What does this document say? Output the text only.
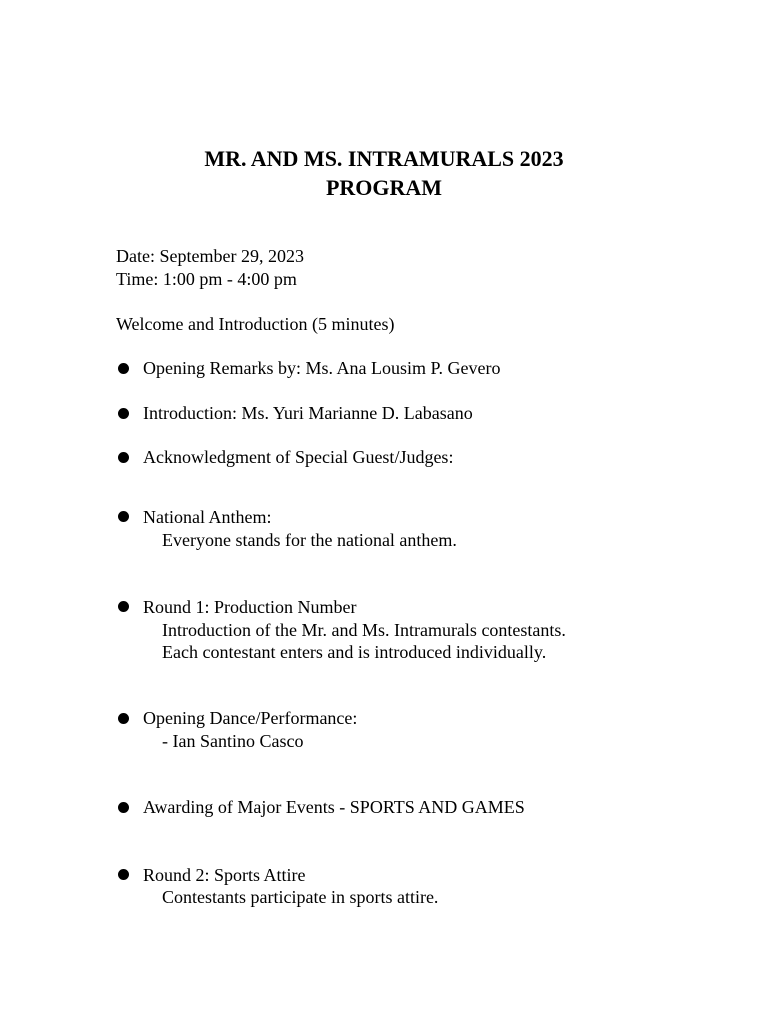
MR. AND MS. INTRAMURALS 2023
PROGRAM
Date: September 29, 2023
Time: 1:00 pm - 4:00 pm
Welcome and Introduction (5 minutes)
Opening Remarks by: Ms. Ana Lousim P. Gevero
Introduction: Ms. Yuri Marianne D. Labasano
Acknowledgment of Special Guest/Judges:
National Anthem:
Everyone stands for the national anthem.
Round 1: Production Number
Introduction of the Mr. and Ms. Intramurals contestants.
Each contestant enters and is introduced individually.
Opening Dance/Performance:
- Ian Santino Casco
Awarding of Major Events - SPORTS AND GAMES
Round 2: Sports Attire
Contestants participate in sports attire.
